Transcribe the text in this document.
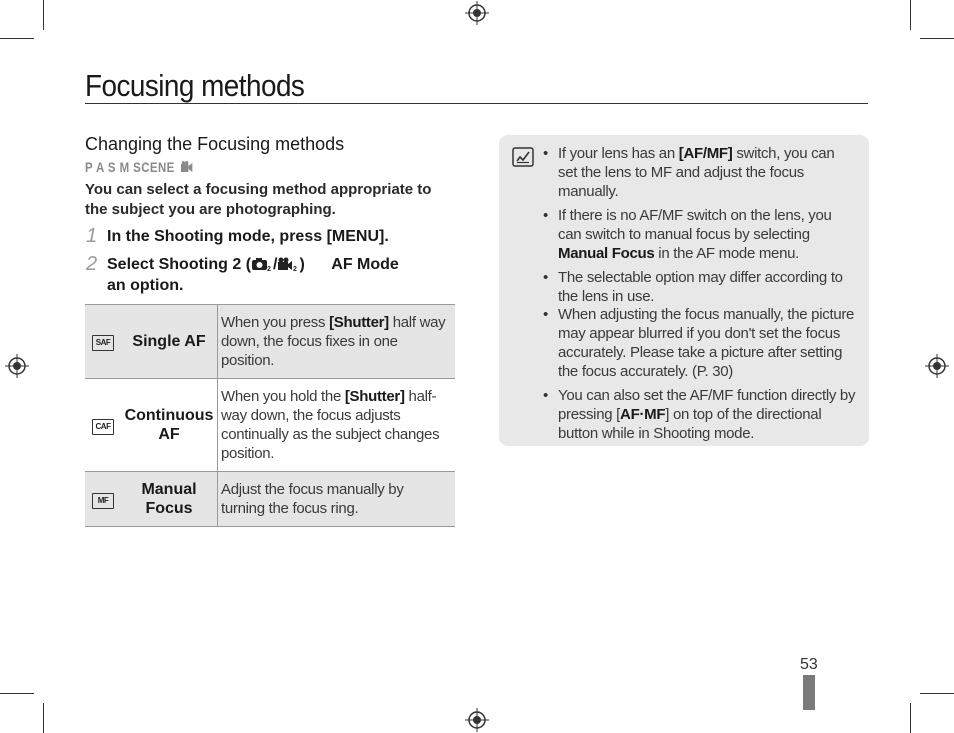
Focusing methods
Changing the Focusing methods
P A S M SCENE
You can select a focusing method appropriate to the subject you are photographing.
1 In the Shooting mode, press [MENU].
2 Select Shooting 2 ( 2 / 2 ) AF Mode
an option.
SAF	Single AF	When you press [Shutter] half way down, the focus fixes in one position.
CAF	Continuous AF	When you hold the [Shutter] half-way down, the focus adjusts continually as the subject changes position.
MF	Manual Focus	Adjust the focus manually by turning the focus ring.
• If your lens has an [AF/MF] switch, you can set the lens to MF and adjust the focus manually.
• If there is no AF/MF switch on the lens, you can switch to manual focus by selecting Manual Focus in the AF mode menu.
• The selectable option may differ according to the lens in use.
• When adjusting the focus manually, the picture may appear blurred if you don't set the focus accurately. Please take a picture after setting the focus accurately. (P. 30)
• You can also set the AF/MF function directly by pressing [AF·MF] on top of the directional button while in Shooting mode.
53
